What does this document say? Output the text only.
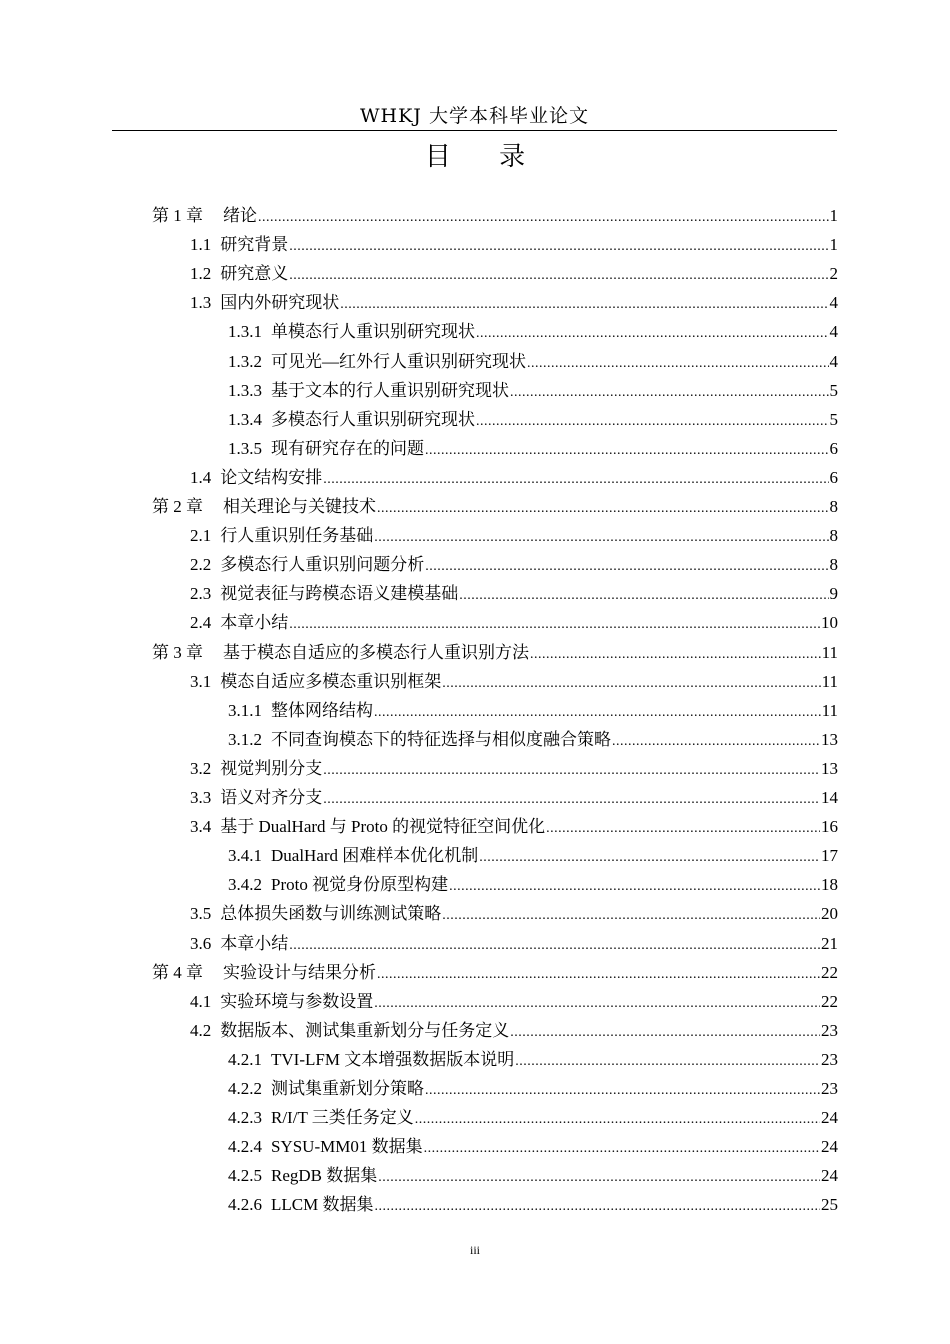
WHKJ 大学本科毕业论文
目 录
第 1 章 绪论 .....	1
1.1 研究背景 .....	1
1.2 研究意义 .....	2
1.3 国内外研究现状 .....	4
1.3.1 单模态行人重识别研究现状 .....	4
1.3.2 可见光—红外行人重识别研究现状 .....	4
1.3.3 基于文本的行人重识别研究现状 .....	5
1.3.4 多模态行人重识别研究现状 .....	5
1.3.5 现有研究存在的问题 .....	6
1.4 论文结构安排 .....	6
第 2 章 相关理论与关键技术 .....	8
2.1 行人重识别任务基础 .....	8
2.2 多模态行人重识别问题分析 .....	8
2.3 视觉表征与跨模态语义建模基础 .....	9
2.4 本章小结 .....	10
第 3 章 基于模态自适应的多模态行人重识别方法 .....	11
3.1 模态自适应多模态重识别框架 .....	11
3.1.1 整体网络结构 .....	11
3.1.2 不同查询模态下的特征选择与相似度融合策略 .....	13
3.2 视觉判别分支 .....	13
3.3 语义对齐分支 .....	14
3.4 基于 DualHard 与 Proto 的视觉特征空间优化 .....	16
3.4.1 DualHard 困难样本优化机制 .....	17
3.4.2 Proto 视觉身份原型构建 .....	18
3.5 总体损失函数与训练测试策略 .....	20
3.6 本章小结 .....	21
第 4 章 实验设计与结果分析 .....	22
4.1 实验环境与参数设置 .....	22
4.2 数据版本、测试集重新划分与任务定义 .....	23
4.2.1 TVI-LFM 文本增强数据版本说明 .....	23
4.2.2 测试集重新划分策略 .....	23
4.2.3 R/I/T 三类任务定义 .....	24
4.2.4 SYSU-MM01 数据集 .....	24
4.2.5 RegDB 数据集 .....	24
4.2.6 LLCM 数据集 .....	25
iii
